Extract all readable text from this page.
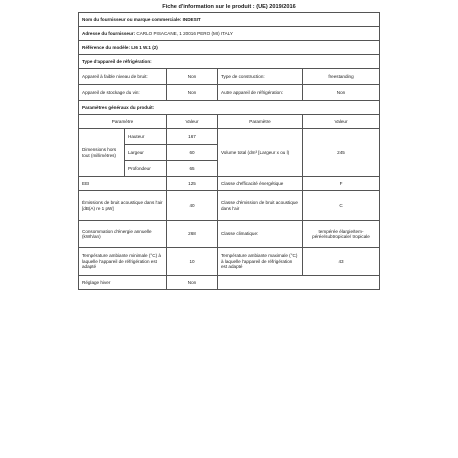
Fiche d'information sur le produit : (UE) 2019/2016
Nom du fournisseur ou marque commerciale: INDESIT				
Adresse du fournisseur: CARLO PISACANE, 1 20016 PERO (MI) ITALY				
Référence du modèle: LI6 1 W.1 (2)				
Type d'appareil de réfrigération:				
Appareil à faible niveau de bruit:		Non	Type de construction:	freestanding
Appareil de stockage du vin:		Non	Autre appareil de réfrigération:	Non
Paramètres généraux du produit:				
Paramètre		Valeur	Paramètre	Valeur
Dimensions hors tout (millimètres)	Hauteur	167	Volume total (dm³ [Largeur x ou l)	245
	Largeur	60		
	Profondeur	65		
EEI		125	Classe d'efficacité énergétique	F
Émissions de bruit acoustique dans l'air [dB(A) re 1 pW]		40	Classe d'émission de bruit acoustique dans l'air	C
Consommation d'énergie annuelle (kWh/an)		268	Classe climatique:	tempérée élargie/tem-pérée/subtropicale/ tropicale
Température ambiante minimale (°C) à laquelle l'appareil de réfrigération est adapté		10	Température ambiante maximale (°C) à laquelle l'appareil de réfrigération est adapté	43
Réglage hiver		Non		
